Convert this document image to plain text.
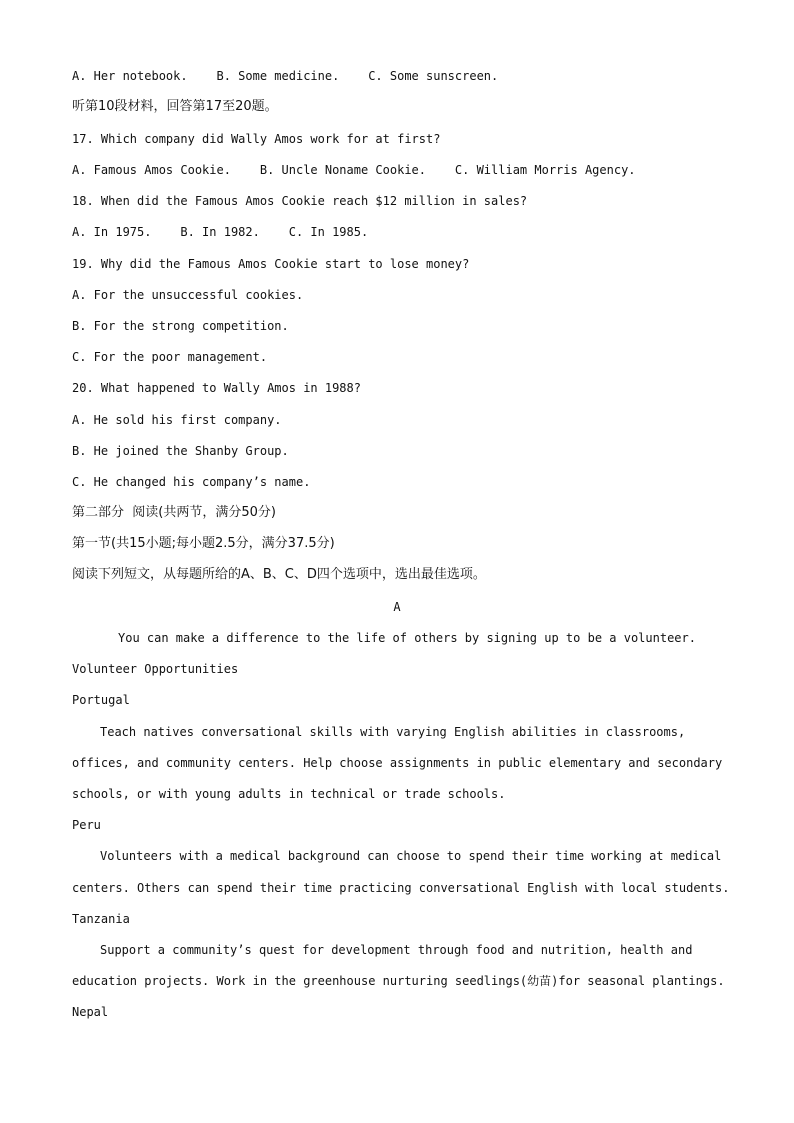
A. Her notebook.    B. Some medicine.    C. Some sunscreen.
听第10段材料，回答第17至20题。
17. Which company did Wally Amos work for at first?
A. Famous Amos Cookie.    B. Uncle Noname Cookie.    C. William Morris Agency.
18. When did the Famous Amos Cookie reach $12 million in sales?
A. In 1975.    B. In 1982.    C. In 1985.
19. Why did the Famous Amos Cookie start to lose money?
A. For the unsuccessful cookies.
B. For the strong competition.
C. For the poor management.
20. What happened to Wally Amos in 1988?
A. He sold his first company.
B. He joined the Shanby Group.
C. He changed his company’s name.
第二部分  阅读(共两节，满分50分)
第一节(共15小题;每小题2.5分，满分37.5分)
阅读下列短文，从每题所给的A、B、C、D四个选项中，选出最佳选项。
A
You can make a difference to the life of others by signing up to be a volunteer.
Volunteer Opportunities
Portugal
Teach natives conversational skills with varying English abilities in classrooms,
offices, and community centers. Help choose assignments in public elementary and secondary
schools, or with young adults in technical or trade schools.
Peru
Volunteers with a medical background can choose to spend their time working at medical
centers. Others can spend their time practicing conversational English with local students.
Tanzania
Support a community’s quest for development through food and nutrition, health and
education projects. Work in the greenhouse nurturing seedlings(幼苗)for seasonal plantings.
Nepal
